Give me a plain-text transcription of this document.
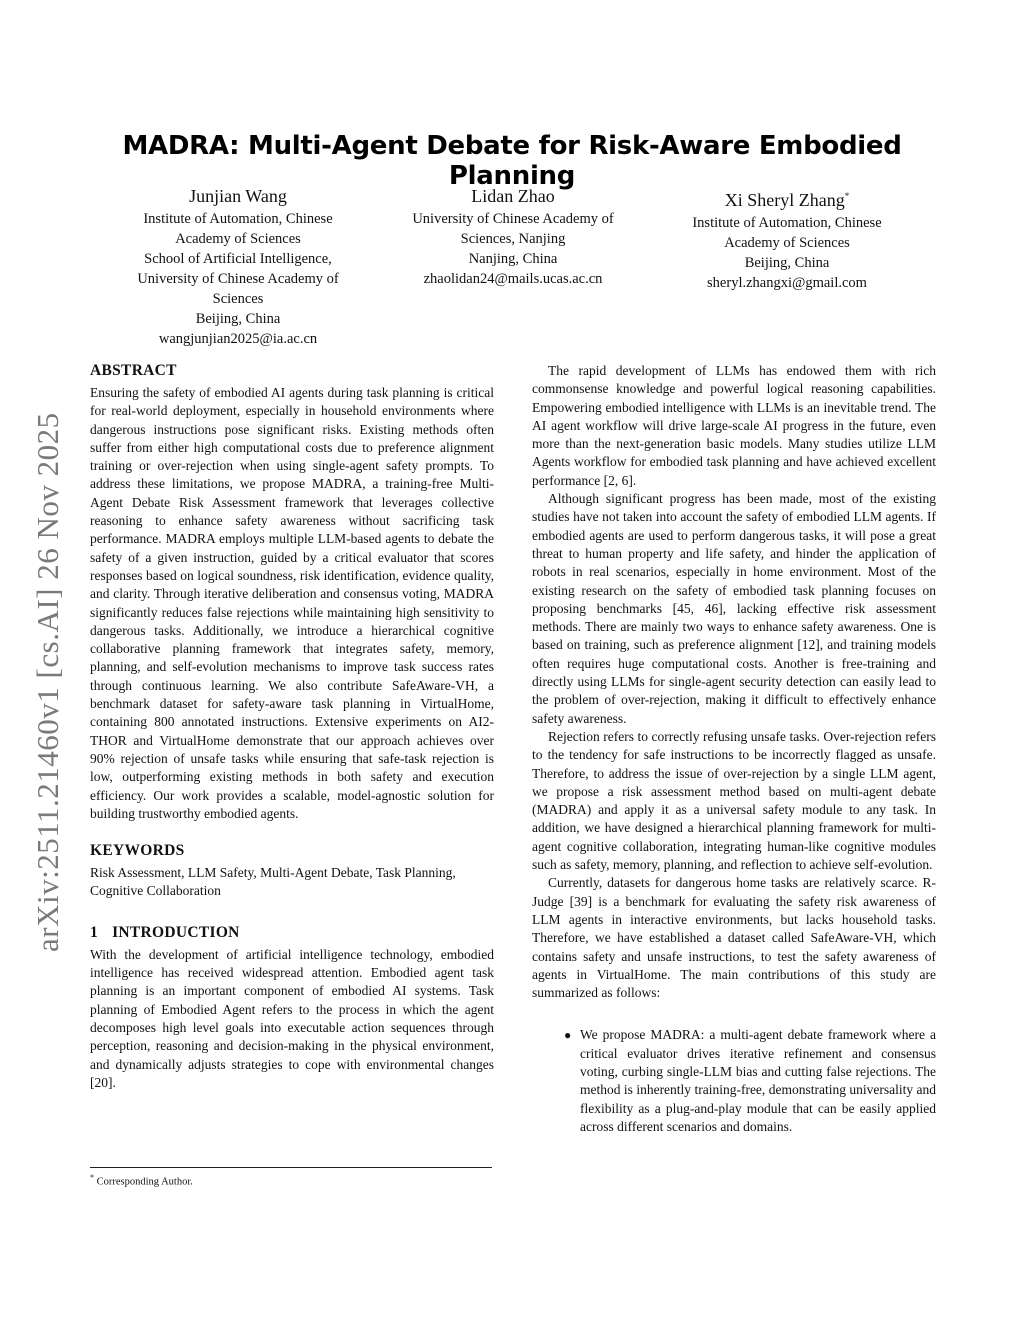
arXiv:2511.21460v1 [cs.AI] 26 Nov 2025
MADRA: Multi-Agent Debate for Risk-Aware Embodied Planning
Junjian Wang
Institute of Automation, Chinese
Academy of Sciences
School of Artificial Intelligence,
University of Chinese Academy of
Sciences
Beijing, China
wangjunjian2025@ia.ac.cn
Lidan Zhao
University of Chinese Academy of
Sciences, Nanjing
Nanjing, China
zhaolidan24@mails.ucas.ac.cn
Xi Sheryl Zhang*
Institute of Automation, Chinese
Academy of Sciences
Beijing, China
sheryl.zhangxi@gmail.com
ABSTRACT

Ensuring the safety of embodied AI agents during task planning is critical for real-world deployment, especially in household environments where dangerous instructions pose significant risks. Existing methods often suffer from either high computational costs due to preference alignment training or over-rejection when using single-agent safety prompts. To address these limitations, we propose MADRA, a training-free Multi-Agent Debate Risk Assessment framework that leverages collective reasoning to enhance safety awareness without sacrificing task performance. MADRA employs multiple LLM-based agents to debate the safety of a given instruction, guided by a critical evaluator that scores responses based on logical soundness, risk identification, evidence quality, and clarity. Through iterative deliberation and consensus voting, MADRA significantly reduces false rejections while maintaining high sensitivity to dangerous tasks. Additionally, we introduce a hierarchical cognitive collaborative planning framework that integrates safety, memory, planning, and self-evolution mechanisms to improve task success rates through continuous learning. We also contribute SafeAware-VH, a benchmark dataset for safety-aware task planning in VirtualHome, containing 800 annotated instructions. Extensive experiments on AI2-THOR and VirtualHome demonstrate that our approach achieves over 90% rejection of unsafe tasks while ensuring that safe-task rejection is low, outperforming existing methods in both safety and execution efficiency. Our work provides a scalable, model-agnostic solution for building trustworthy embodied agents.

KEYWORDS

Risk Assessment, LLM Safety, Multi-Agent Debate, Task Planning, Cognitive Collaboration

1 INTRODUCTION

With the development of artificial intelligence technology, embodied intelligence has received widespread attention. Embodied agent task planning is an important component of embodied AI systems. Task planning of Embodied Agent refers to the process in which the agent decomposes high level goals into executable action sequences through perception, reasoning and decision-making in the physical environment, and dynamically adjusts strategies to cope with environmental changes [20].

The rapid development of LLMs has endowed them with rich commonsense knowledge and powerful logical reasoning capabilities. Empowering embodied intelligence with LLMs is an inevitable trend. The AI agent workflow will drive large-scale AI progress in the future, even more than the next-generation basic models. Many studies utilize LLM Agents workflow for embodied task planning and have achieved excellent performance [2, 6].

Although significant progress has been made, most of the existing studies have not taken into account the safety of embodied LLM agents. If embodied agents are used to perform dangerous tasks, it will pose a great threat to human property and life safety, and hinder the application of robots in real scenarios, especially in home environment. Most of the existing research on the safety of embodied task planning focuses on proposing benchmarks [45, 46], lacking effective risk assessment methods. There are mainly two ways to enhance safety awareness. One is based on training, such as preference alignment [12], and training models often requires huge computational costs. Another is free-training and directly using LLMs for single-agent security detection can easily lead to the problem of over-rejection, making it difficult to effectively enhance safety awareness.

Rejection refers to correctly refusing unsafe tasks. Over-rejection refers to the tendency for safe instructions to be incorrectly flagged as unsafe. Therefore, to address the issue of over-rejection by a single LLM agent, we propose a risk assessment method based on multi-agent debate (MADRA) and apply it as a universal safety module to any task. In addition, we have designed a hierarchical planning framework for multi-agent cognitive collaboration, integrating human-like cognitive modules such as safety, memory, planning, and reflection to achieve self-evolution.

Currently, datasets for dangerous home tasks are relatively scarce. R-Judge [39] is a benchmark for evaluating the safety risk awareness of LLM agents in interactive environments, but lacks household tasks. Therefore, we have established a dataset called SafeAware-VH, which contains safety and unsafe instructions, to test the safety awareness of agents in VirtualHome. The main contributions of this study are summarized as follows:

● We propose MADRA: a multi-agent debate framework where a critical evaluator drives iterative refinement and consensus voting, curbing single-LLM bias and cutting false rejections. The method is inherently training-free, demonstrating universality and flexibility as a plug-and-play module that can be easily applied across different scenarios and domains.
* Corresponding Author.
